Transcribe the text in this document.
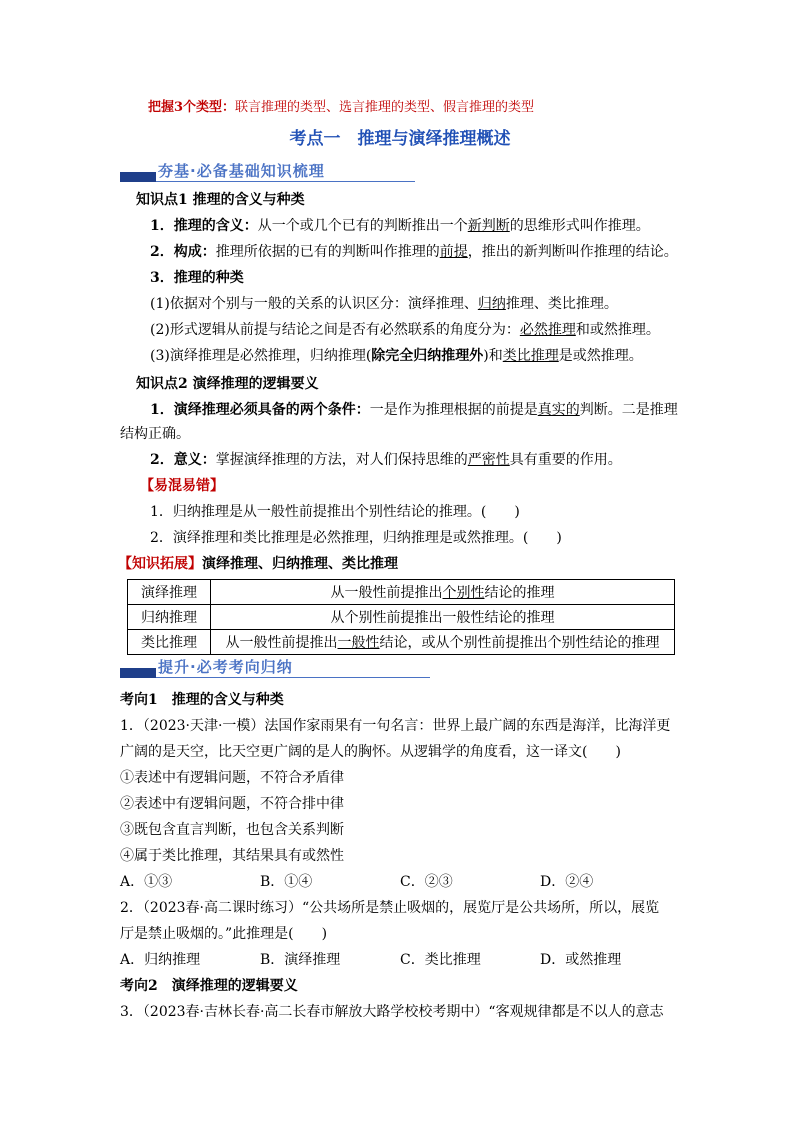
把握3个类型：联言推理的类型、选言推理的类型、假言推理的类型
考点一　推理与演绎推理概述
夯基·必备基础知识梳理
知识点1 推理的含义与种类
1．推理的含义：从一个或几个已有的判断推出一个新判断的思维形式叫作推理。
2．构成：推理所依据的已有的判断叫作推理的前提，推出的新判断叫作推理的结论。
3．推理的种类
(1)依据对个别与一般的关系的认识区分：演绎推理、归纳推理、类比推理。
(2)形式逻辑从前提与结论之间是否有必然联系的角度分为：必然推理和或然推理。
(3)演绎推理是必然推理，归纳推理(除完全归纳推理外)和类比推理是或然推理。
知识点2 演绎推理的逻辑要义
1．演绎推理必须具备的两个条件：一是作为推理根据的前提是真实的判断。二是推理
结构正确。
2．意义：掌握演绎推理的方法，对人们保持思维的严密性具有重要的作用。
【易混易错】
1．归纳推理是从一般性前提推出个别性结论的推理。(　　)
2．演绎推理和类比推理是必然推理，归纳推理是或然推理。(　　)
【知识拓展】演绎推理、归纳推理、类比推理
演绎推理	从一般性前提推出个别性结论的推理
归纳推理	从个别性前提推出一般性结论的推理
类比推理	从一般性前提推出一般性结论，或从个别性前提推出个别性结论的推理
提升·必考考向归纳
考向1　推理的含义与种类
1．（2023·天津·一模）法国作家雨果有一句名言：世界上最广阔的东西是海洋，比海洋更
广阔的是天空，比天空更广阔的是人的胸怀。从逻辑学的角度看，这一译文(　　)
①表述中有逻辑问题，不符合矛盾律
②表述中有逻辑问题，不符合排中律
③既包含直言判断，也包含关系判断
④属于类比推理，其结果具有或然性
A．①③	B．①④	C．②③	D．②④
2．（2023春·高二课时练习）“公共场所是禁止吸烟的，展览厅是公共场所，所以，展览
厅是禁止吸烟的。”此推理是(　　)
A．归纳推理	B．演绎推理	C．类比推理	D．或然推理
考向2　演绎推理的逻辑要义
3．（2023春·吉林长春·高二长春市解放大路学校校考期中）“客观规律都是不以人的意志
